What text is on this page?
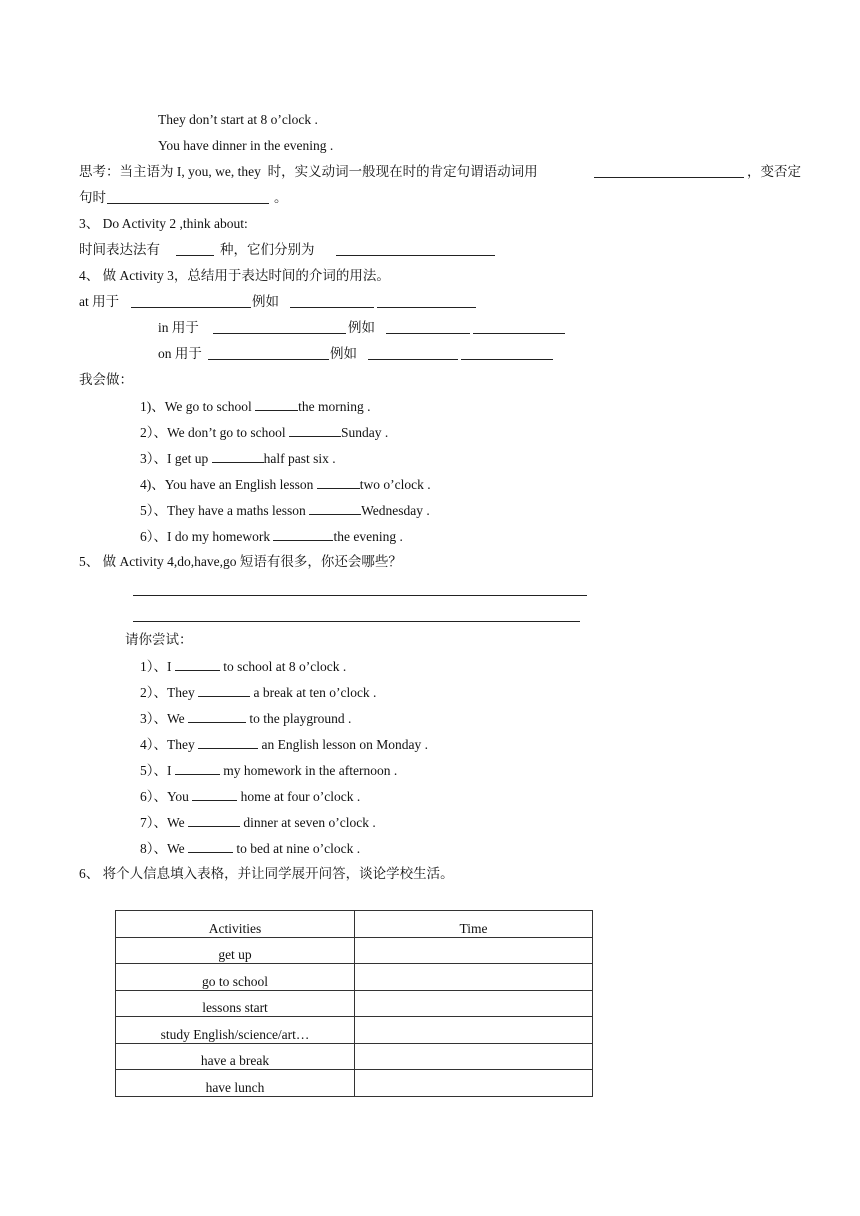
They don’t start at 8 o’clock .
You have dinner in the evening .
思考：当主语为 I, you, we, they  时，实义动词一般现在时的肯定句谓语动词用	，变否定
句时	。
3、 Do Activity 2 ,think about:
时间表达法有	种，它们分别为
4、 做 Activity 3，总结用于表达时间的介词的用法。
at 用于	例如
in 用于	例如
on 用于	例如
我会做：
1)、We go to school	the morning .
2）、We don’t go to school	Sunday .
3）、I get up	half past six .
4)、You have an English lesson	two o’clock .
5）、They have a maths lesson	Wednesday .
6）、I do my homework	the evening .
5、 做 Activity 4,do,have,go 短语有很多，你还会哪些？
请你尝试：
1）、I	to school at 8 o’clock .
2）、They	a break at ten o’clock .
3）、We	to the playground .
4）、They	an English lesson on Monday .
5）、I	my homework in the afternoon .
6）、You	home at four o’clock .
7）、We	dinner at seven o’clock .
8）、We	to bed at nine o’clock .
6、 将个人信息填入表格，并让同学展开问答，谈论学校生活。
Activities	Time
get up	
go to school	
lessons start	
study English/science/art…	
have a break	
have lunch	
